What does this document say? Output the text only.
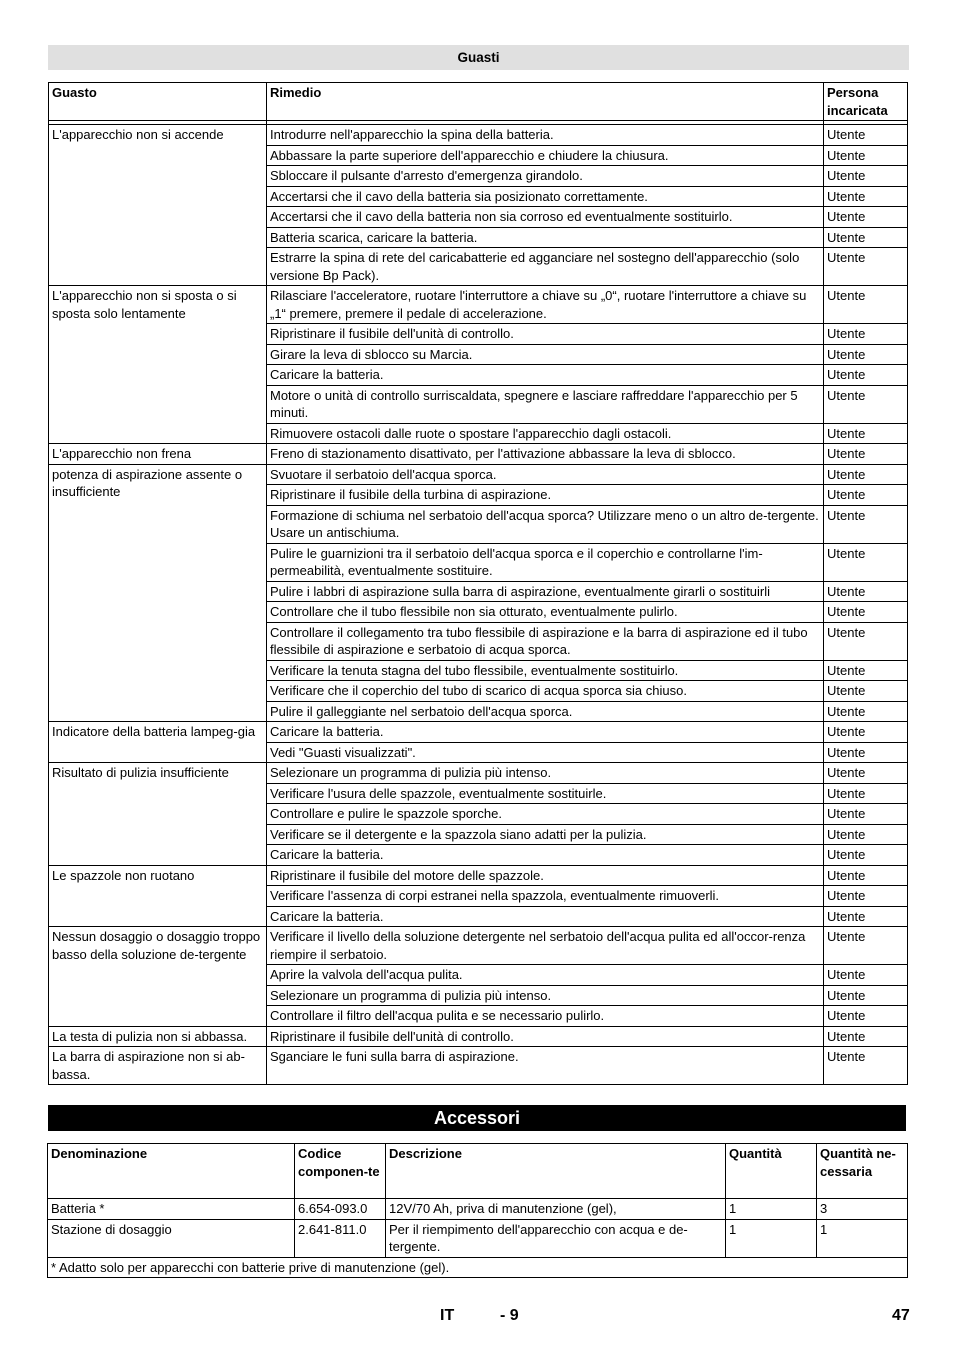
Guasti
Guasto	Rimedio	Persona incaricata

L'apparecchio non si accende	Introdurre nell'apparecchio la spina della batteria.	Utente
	Abbassare la parte superiore dell'apparecchio e chiudere la chiusura.	Utente
	Sbloccare il pulsante d'arresto d'emergenza girandolo.	Utente
	Accertarsi che il cavo della batteria sia posizionato correttamente.	Utente
	Accertarsi che il cavo della batteria non sia corroso ed eventualmente sostituirlo.	Utente
	Batteria scarica, caricare la batteria.	Utente
	Estrarre la spina di rete del caricabatterie ed agganciare nel sostegno dell'apparecchio (solo versione Bp Pack).	Utente
L'apparecchio non si sposta o si sposta solo lentamente	Rilasciare l'acceleratore, ruotare l'interruttore a chiave su „0“, ruotare l'interruttore a chiave su „1“ premere, premere il pedale di accelerazione.	Utente
	Ripristinare il fusibile dell'unità di controllo.	Utente
	Girare la leva di sblocco su Marcia.	Utente
	Caricare la batteria.	Utente
	Motore o unità di controllo surriscaldata, spegnere e lasciare raffreddare l'apparecchio per 5 minuti.	Utente
	Rimuovere ostacoli dalle ruote o spostare l'apparecchio dagli ostacoli.	Utente
L'apparecchio non frena	Freno di stazionamento disattivato, per l'attivazione abbassare la leva di sblocco.	Utente
potenza di aspirazione assente o insufficiente	Svuotare il serbatoio dell'acqua sporca.	Utente
	Ripristinare il fusibile della turbina di aspirazione.	Utente
	Formazione di schiuma nel serbatoio dell'acqua sporca? Utilizzare meno o un altro de-tergente. Usare un antischiuma.	Utente
	Pulire le guarnizioni tra il serbatoio dell'acqua sporca e il coperchio e controllarne l'im-permeabilità, eventualmente sostituire.	Utente
	Pulire i labbri di aspirazione sulla barra di aspirazione, eventualmente girarli o sostituirli	Utente
	Controllare che il tubo flessibile non sia otturato, eventualmente pulirlo.	Utente
	Controllare il collegamento tra tubo flessibile di aspirazione e la barra di aspirazione ed il tubo flessibile di aspirazione e serbatoio di acqua sporca.	Utente
	Verificare la tenuta stagna del tubo flessibile, eventualmente sostituirlo.	Utente
	Verificare che il coperchio del tubo di scarico di acqua sporca sia chiuso.	Utente
	Pulire il galleggiante nel serbatoio dell'acqua sporca.	Utente
Indicatore della batteria lampeg-gia	Caricare la batteria.	Utente
	Vedi "Guasti visualizzati".	Utente
Risultato di pulizia insufficiente	Selezionare un programma di pulizia più intenso.	Utente
	Verificare l'usura delle spazzole, eventualmente sostituirle.	Utente
	Controllare e pulire le spazzole sporche.	Utente
	Verificare se il detergente e la spazzola siano adatti per la pulizia.	Utente
	Caricare la batteria.	Utente
Le spazzole non ruotano	Ripristinare il fusibile del motore delle spazzole.	Utente
	Verificare l'assenza di corpi estranei nella spazzola, eventualmente rimuoverli.	Utente
	Caricare la batteria.	Utente
Nessun dosaggio o dosaggio troppo basso della soluzione de-tergente	Verificare il livello della soluzione detergente nel serbatoio dell'acqua pulita ed all'occor-renza riempire il serbatoio.	Utente
	Aprire la valvola dell'acqua pulita.	Utente
	Selezionare un programma di pulizia più intenso.	Utente
	Controllare il filtro dell'acqua pulita e se necessario pulirlo.	Utente
La testa di pulizia non si abbassa.	Ripristinare il fusibile dell'unità di controllo.	Utente
La barra di aspirazione non si ab-bassa.	Sganciare le funi sulla barra di aspirazione.	Utente
Accessori
Denominazione	Codice componen-te	Descrizione	Quantità	Quantità ne-cessaria
Batteria *	6.654-093.0	12V/70 Ah, priva di manutenzione (gel),	1	3
Stazione di dosaggio	2.641-811.0	Per il riempimento dell'apparecchio con acqua e de-tergente.	1	1
* Adatto solo per apparecchi con batterie prive di manutenzione (gel).				
IT	- 9	47
